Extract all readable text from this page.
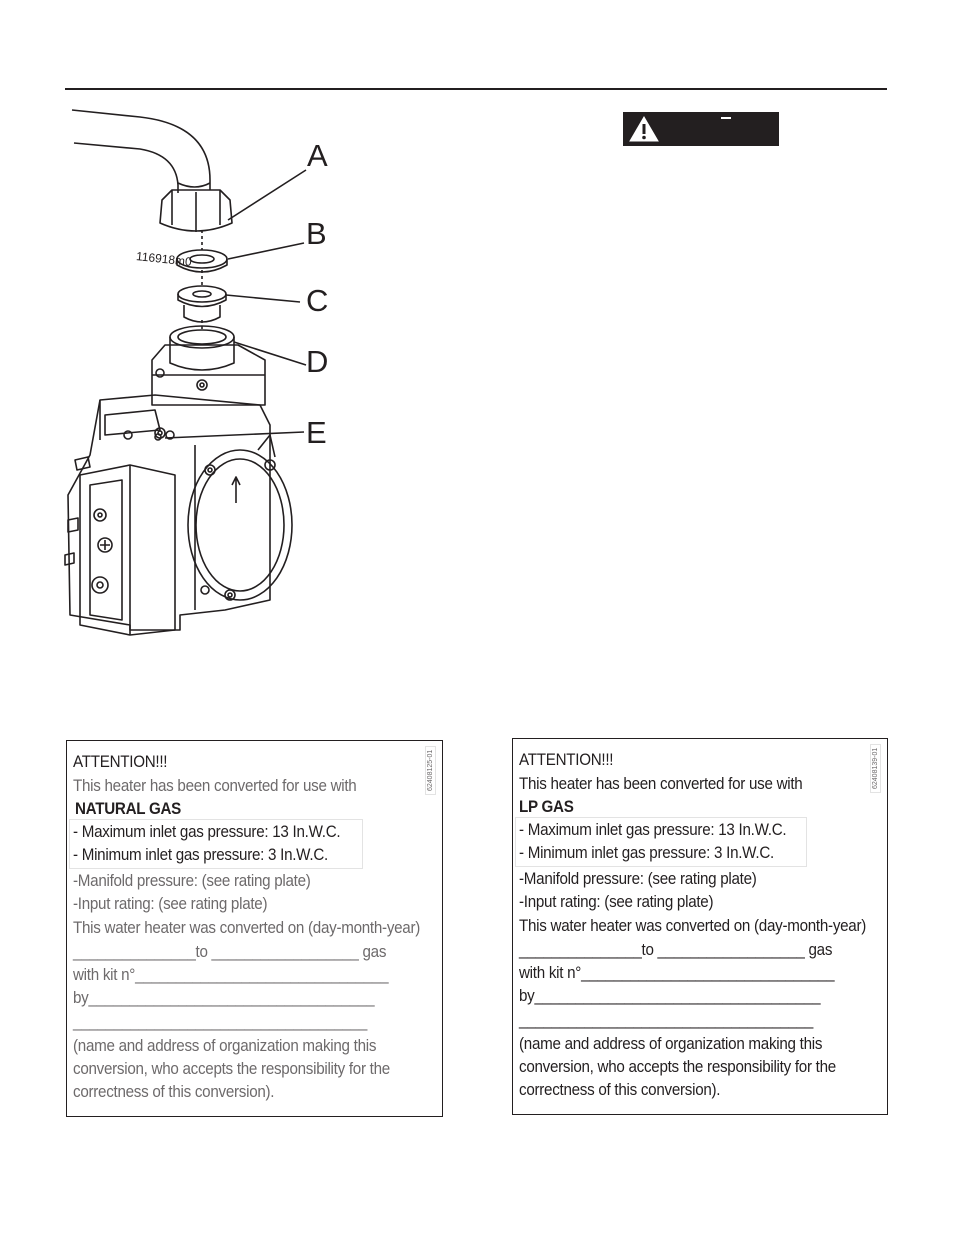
116918m0
A
B
C
D
E
62408125-01
ATTENTION!!!
This heater has been converted for use with
NATURAL GAS
- Maximum inlet gas pressure: 13 In.W.C.
- Minimum inlet gas pressure: 3 In.W.C.
-Manifold pressure: (see rating plate)
-Input rating: (see rating plate)
This water heater was converted on (day-month-year)
_______________to __________________ gas
with kit n°_______________________________
by___________________________________
____________________________________
(name and address of organization making this
conversion, who accepts the responsibility for the
correctness of this conversion).
62408139-01
ATTENTION!!!
This heater has been converted for use with
LP GAS
- Maximum inlet gas pressure: 13 In.W.C.
- Minimum inlet gas pressure: 3 In.W.C.
-Manifold pressure: (see rating plate)
-Input rating: (see rating plate)
This water heater was converted on (day-month-year)
_______________to __________________ gas
with kit n°_______________________________
by___________________________________
____________________________________
(name and address of organization making this
conversion, who accepts the responsibility for the
correctness of this conversion).
